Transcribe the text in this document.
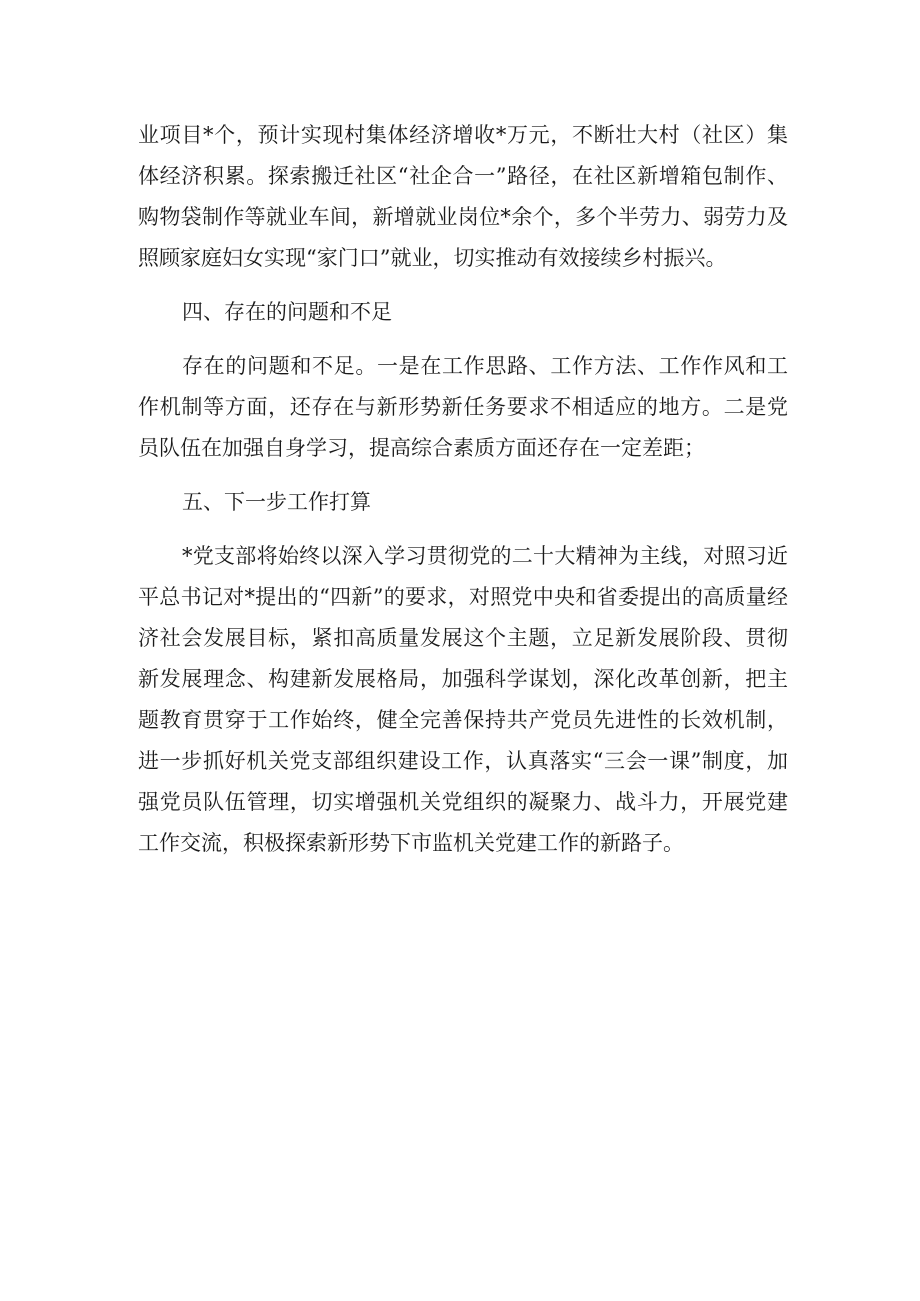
业项目*个，预计实现村集体经济增收*万元，不断壮大村（社区）集体经济积累。探索搬迁社区“社企合一”路径，在社区新增箱包制作、购物袋制作等就业车间，新增就业岗位*余个，多个半劳力、弱劳力及照顾家庭妇女实现“家门口”就业，切实推动有效接续乡村振兴。

四、存在的问题和不足

存在的问题和不足。一是在工作思路、工作方法、工作作风和工作机制等方面，还存在与新形势新任务要求不相适应的地方。二是党员队伍在加强自身学习，提高综合素质方面还存在一定差距；

五、下一步工作打算

*党支部将始终以深入学习贯彻党的二十大精神为主线，对照习近平总书记对*提出的“四新”的要求，对照党中央和省委提出的高质量经济社会发展目标，紧扣高质量发展这个主题，立足新发展阶段、贯彻新发展理念、构建新发展格局，加强科学谋划，深化改革创新，把主题教育贯穿于工作始终，健全完善保持共产党员先进性的长效机制，进一步抓好机关党支部组织建设工作，认真落实“三会一课”制度，加强党员队伍管理，切实增强机关党组织的凝聚力、战斗力，开展党建工作交流，积极探索新形势下市监机关党建工作的新路子。
